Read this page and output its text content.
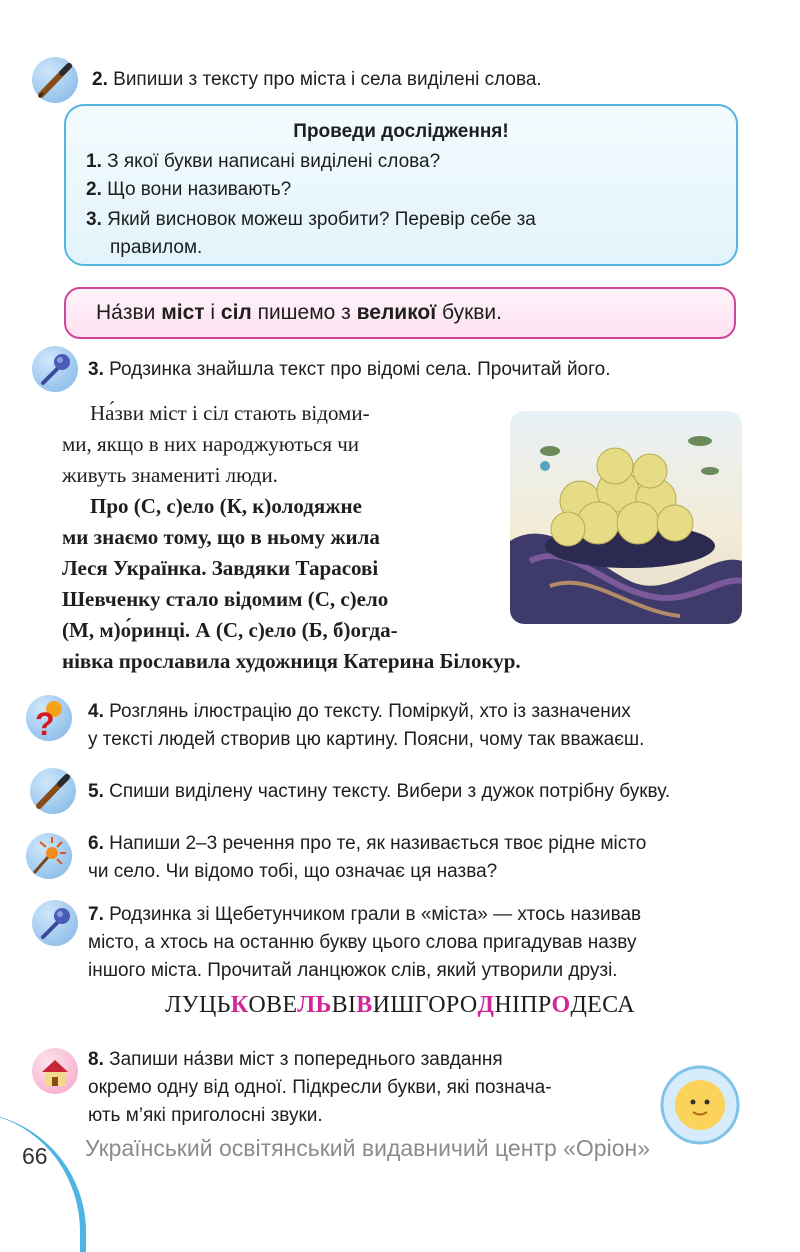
2. Випиши з тексту про міста і села виділені слова.
Проведи дослідження!
1. З якої букви написані виділені слова?
2. Що вони називають?
3. Який висновок можеш зробити? Перевір себе за
правилом.
На́зви міст і сіл пишемо з великої букви.
3. Родзинка знайшла текст про відомі села. Прочитай його.
На́зви міст і сіл стають відоми-
ми, якщо в них народжуються чи
живуть знамениті люди.
Про (С, с)ело (К, к)олодяжне
ми знаємо тому, що в ньому жила
Леся Українка. Завдяки Тарасові
Шевченку стало відомим (С, с)ело
(М, м)о́ринці. А (С, с)ело (Б, б)огда-
нівка прославила художниця Катерина Білокур.
? 4. Розглянь ілюстрацію до тексту. Поміркуй, хто із зазначених
у тексті людей створив цю картину. Поясни, чому так вважаєш.
5. Спиши виділену частину тексту. Вибери з дужок потрібну букву.
6. Напиши 2–3 речення про те, як називається твоє рідне місто
чи село. Чи відомо тобі, що означає ця назва?
7. Родзинка зі Щебетунчиком грали в «міста» — хтось називав
місто, а хтось на останню букву цього слова пригадував назву
іншого міста. Прочитай ланцюжок слів, який утворили друзі.
ЛУЦЬКОВЕЛЬВІВИШГОРОДНІПРОДЕСА
8. Запиши на́зви міст з попереднього завдання
окремо одну від одної. Підкресли букви, які познача-
ють м’які приголосні звуки.
66 Український освітянський видавничий центр «Оріон»
